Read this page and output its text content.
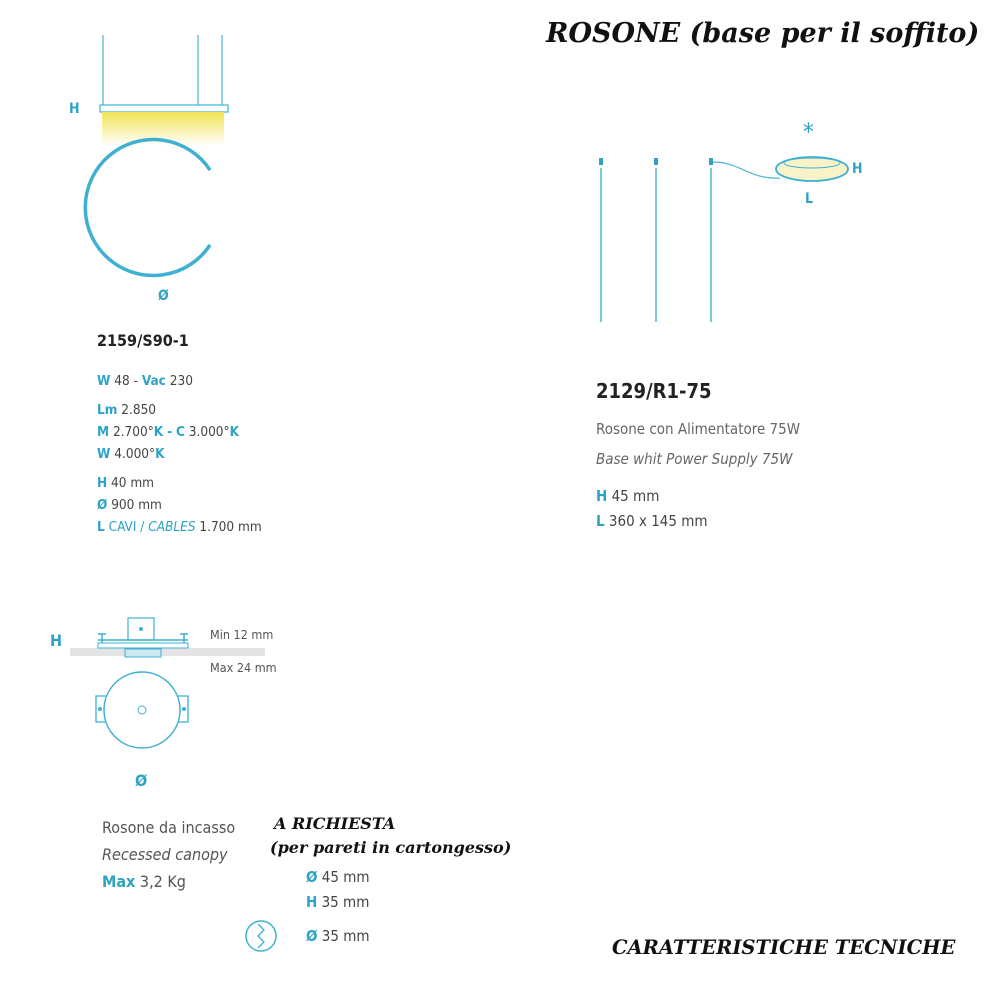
ROSONE (base per il soffito)
CARATTERISTICHE TECNICHE
H
Ø
2159/S90-1
W 48 - Vac 230
Lm 2.850
M 2.700°K - C 3.000°K
W 4.000°K
H 40 mm
Ø 900 mm
L CAVI / CABLES 1.700 mm
*
H
L
2129/R1-75
Rosone con Alimentatore 75W
Base whit Power Supply 75W
H 45 mm
L 360 x 145 mm
H	Min 12 mm
Max 24 mm
Ø
Rosone da incasso
Recessed canopy
Max 3,2 Kg
A RICHIESTA
(per pareti in cartongesso)
Ø 45 mm
H 35 mm
Ø 35 mm
